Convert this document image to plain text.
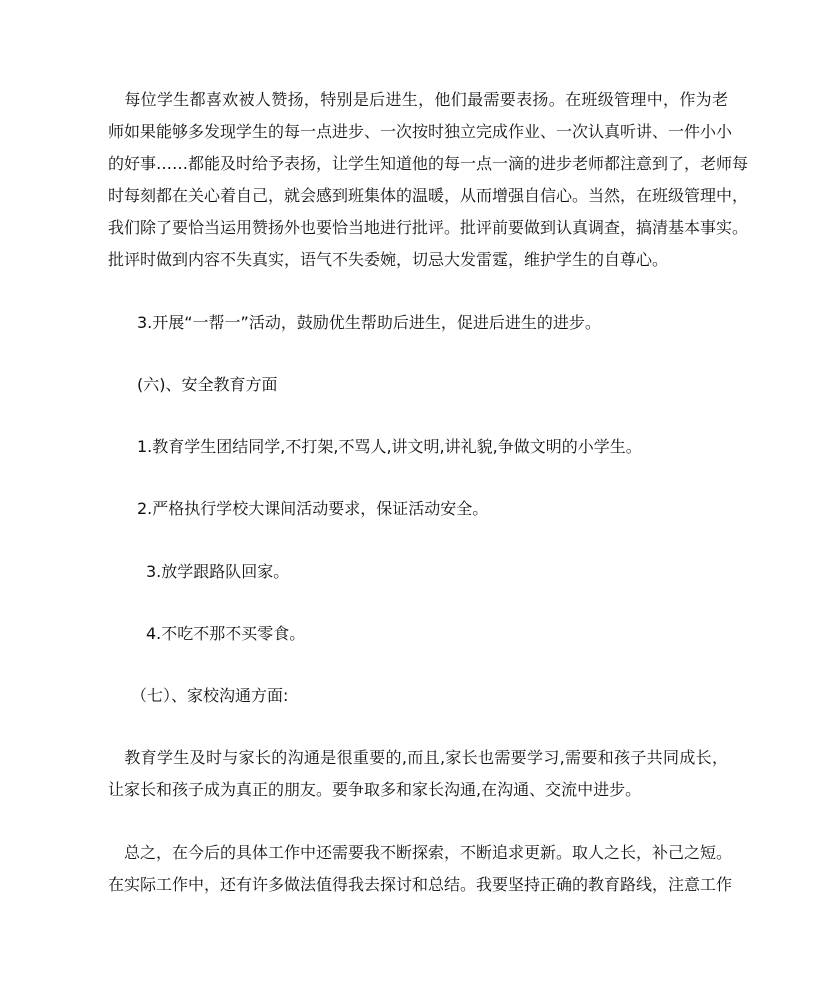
　每位学生都喜欢被人赞扬，特别是后进生，他们最需要表扬。在班级管理中，作为老
师如果能够多发现学生的每一点进步、一次按时独立完成作业、一次认真听讲、一件小小
的好事……都能及时给予表扬，让学生知道他的每一点一滴的进步老师都注意到了，老师每
时每刻都在关心着自己，就会感到班集体的温暖，从而增强自信心。当然，在班级管理中，
我们除了要恰当运用赞扬外也要恰当地进行批评。批评前要做到认真调查，搞清基本事实。
批评时做到内容不失真实，语气不失委婉，切忌大发雷霆，维护学生的自尊心。
3.开展“一帮一”活动，鼓励优生帮助后进生，促进后进生的进步。
(六)、安全教育方面
1.教育学生团结同学,不打架,不骂人,讲文明,讲礼貌,争做文明的小学生。
2.严格执行学校大课间活动要求，保证活动安全。
3.放学跟路队回家。
4.不吃不那不买零食。
（七）、家校沟通方面:
　教育学生及时与家长的沟通是很重要的,而且,家长也需要学习,需要和孩子共同成长，
让家长和孩子成为真正的朋友。要争取多和家长沟通,在沟通、交流中进步。
　总之，在今后的具体工作中还需要我不断探索，不断追求更新。取人之长，补己之短。
在实际工作中，还有许多做法值得我去探讨和总结。我要坚持正确的教育路线，注意工作
